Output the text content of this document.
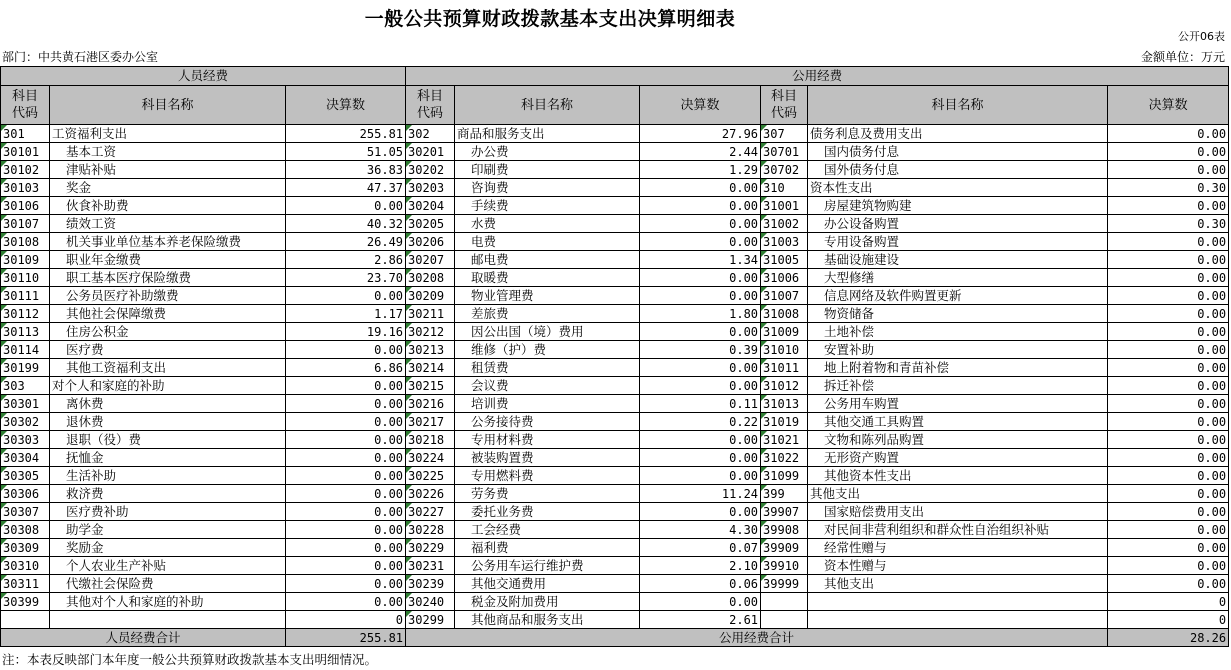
一般公共预算财政拨款基本支出决算明细表
公开06表
部门：中共黄石港区委办公室	金额单位：万元
人员经费			公用经费					
科目
代码	科目名称	决算数	科目
代码	科目名称	决算数	科目
代码	科目名称	决算数

301	工资福利支出	255.81	302	商品和服务支出	27.96	307	债务利息及费用支出	0.00

30101	基本工资	51.05	30201	办公费	2.44	30701	国内债务付息	0.00

30102	津贴补贴	36.83	30202	印刷费	1.29	30702	国外债务付息	0.00

30103	奖金	47.37	30203	咨询费	0.00	310	资本性支出	0.30

30106	伙食补助费	0.00	30204	手续费	0.00	31001	房屋建筑物购建	0.00

30107	绩效工资	40.32	30205	水费	0.00	31002	办公设备购置	0.30

30108	机关事业单位基本养老保险缴费	26.49	30206	电费	0.00	31003	专用设备购置	0.00

30109	职业年金缴费	2.86	30207	邮电费	1.34	31005	基础设施建设	0.00

30110	职工基本医疗保险缴费	23.70	30208	取暖费	0.00	31006	大型修缮	0.00

30111	公务员医疗补助缴费	0.00	30209	物业管理费	0.00	31007	信息网络及软件购置更新	0.00

30112	其他社会保障缴费	1.17	30211	差旅费	1.80	31008	物资储备	0.00

30113	住房公积金	19.16	30212	因公出国（境）费用	0.00	31009	土地补偿	0.00

30114	医疗费	0.00	30213	维修（护）费	0.39	31010	安置补助	0.00

30199	其他工资福利支出	6.86	30214	租赁费	0.00	31011	地上附着物和青苗补偿	0.00

303	对个人和家庭的补助	0.00	30215	会议费	0.00	31012	拆迁补偿	0.00

30301	离休费	0.00	30216	培训费	0.11	31013	公务用车购置	0.00

30302	退休费	0.00	30217	公务接待费	0.22	31019	其他交通工具购置	0.00

30303	退职（役）费	0.00	30218	专用材料费	0.00	31021	文物和陈列品购置	0.00

30304	抚恤金	0.00	30224	被装购置费	0.00	31022	无形资产购置	0.00

30305	生活补助	0.00	30225	专用燃料费	0.00	31099	其他资本性支出	0.00

30306	救济费	0.00	30226	劳务费	11.24	399	其他支出	0.00

30307	医疗费补助	0.00	30227	委托业务费	0.00	39907	国家赔偿费用支出	0.00

30308	助学金	0.00	30228	工会经费	4.30	39908	对民间非营利组织和群众性自治组织补贴	0.00

30309	奖励金	0.00	30229	福利费	0.07	39909	经常性赠与	0.00

30310	个人农业生产补贴	0.00	30231	公务用车运行维护费	2.10	39910	资本性赠与	0.00

30311	代缴社会保险费	0.00	30239	其他交通费用	0.06	39999	其他支出	0.00

30399	其他对个人和家庭的补助	0.00	30240	税金及附加费用	0.00			0
		0	30299	其他商品和服务支出	2.61			0
人员经费合计		255.81	公用经费合计					28.26
注：本表反映部门本年度一般公共预算财政拨款基本支出明细情况。
